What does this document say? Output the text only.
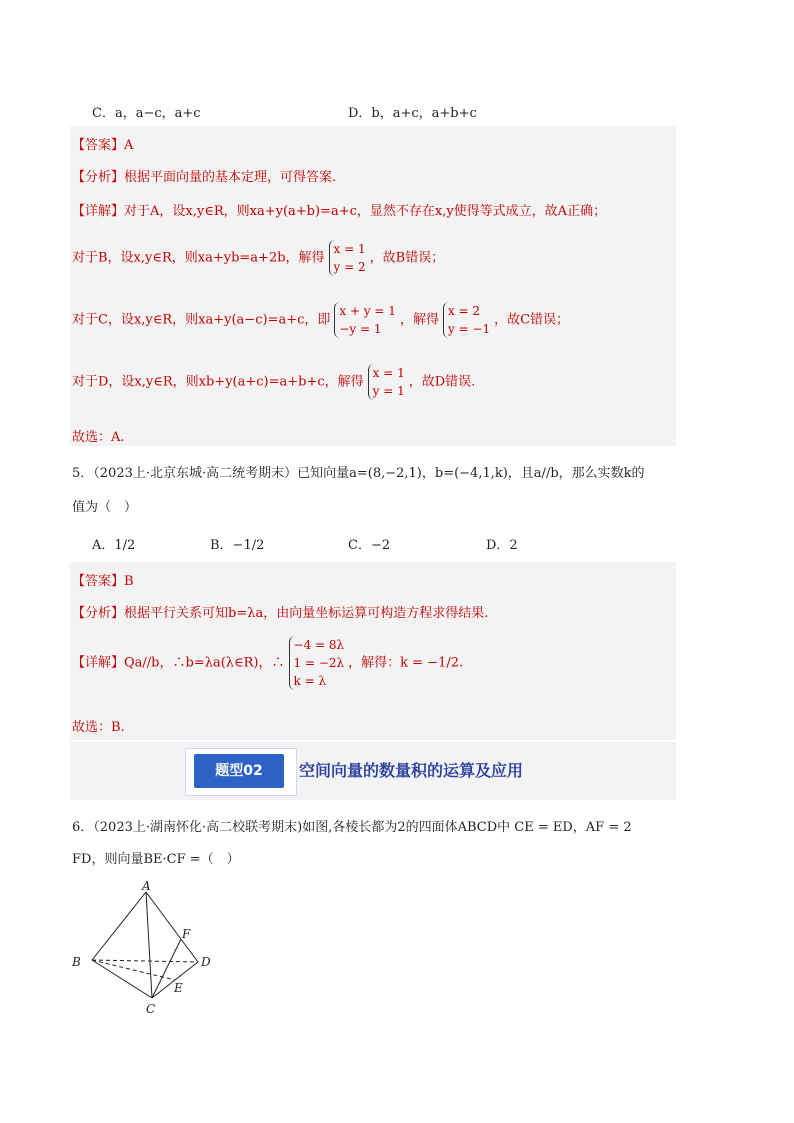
C．a，a−c，a+c	D．b，a+c，a+b+c
【答案】A
【分析】根据平面向量的基本定理，可得答案.
【详解】对于A，设x,y∈R，则xa+y(a+b)=a+c，显然不存在x,y使得等式成立，故A正确；
对于B，设x,y∈R，则xa+yb=a+2b，解得x = 1
y = 2，故B错误；
对于C，设x,y∈R，则xa+y(a−c)=a+c，即x + y = 1
−y = 1，解得x = 2
y = −1，故C错误；
对于D，设x,y∈R，则xb+y(a+c)=a+b+c，解得x = 1
y = 1，故D错误.
故选：A.
5．（2023上·北京东城·高二统考期末）已知向量a=(8,−2,1)，b=(−4,1,k)，且a//b，那么实数k的
值为（　）
A．1/2	B．−1/2	C．−2	D．2
【答案】B
【分析】根据平行关系可知b=λa，由向量坐标运算可构造方程求得结果.
【详解】Qa//b，∴b=λa(λ∈R)，∴−4 = 8λ
1 = −2λ
k = λ，解得：k = −1/2.
故选：B.
题型02	空间向量的数量积的运算及应用
6．（2023上·湖南怀化·高二校联考期末)如图,各棱长都为2的四面体ABCD中 CE = ED，AF = 2
FD，则向量BE·CF =（　）
A
B
C
D
E
F
